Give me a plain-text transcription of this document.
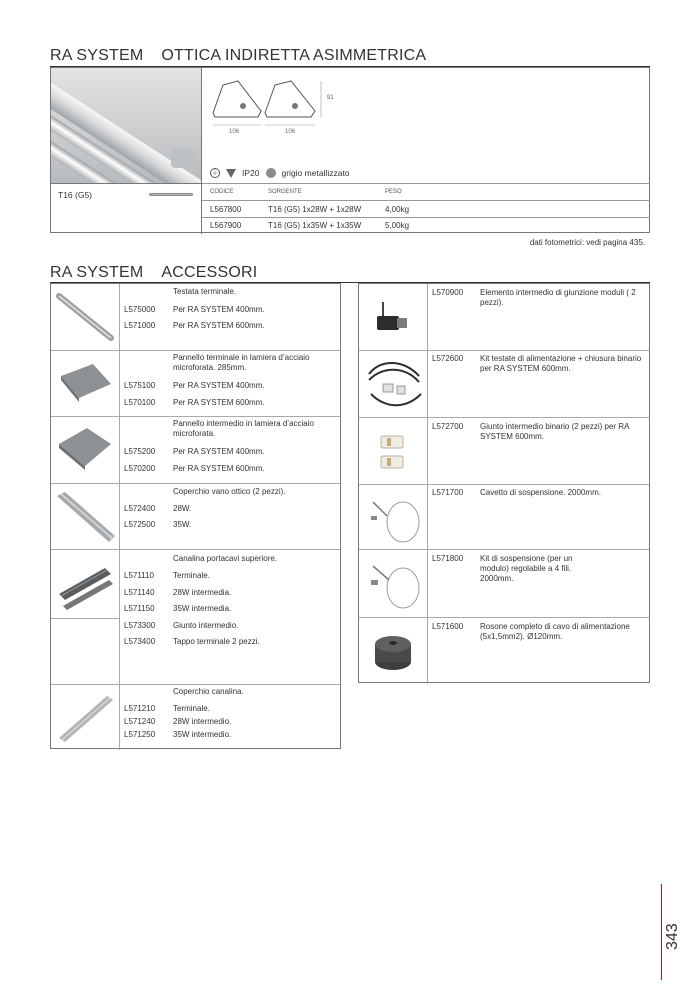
RA SYSTEM OTTICA INDIRETTA ASIMMETRICA
T16 (G5)
106	106
91
⏚	IP20	grigio metallizzato
CODICE	SORGENTE	PESO
L567800	T16 (G5) 1x28W + 1x28W	4,00kg
L567900	T16 (G5) 1x35W + 1x35W	5,00kg
dati fotometrici: vedi pagina 435.
RA SYSTEM ACCESSORI
Testata terminale.
L575000 Per RA SYSTEM 400mm.
L571000 Per RA SYSTEM 600mm.
Pannello terminale in lamiera d’acciaio microforata. 285mm.
L575100 Per RA SYSTEM 400mm.
L570100 Per RA SYSTEM 600mm.
Pannello intermedio in lamiera d’acciaio microforata.
L575200 Per RA SYSTEM 400mm.
L570200 Per RA SYSTEM 600mm.
Coperchio vano ottico (2 pezzi).
L572400 28W.
L572500 35W.
Canalina portacavi superiore.
L571110 Terminale.
L571140 28W intermedia.
L571150 35W intermedia.
L573300 Giunto intermedio.
L573400 Tappo terminale 2 pezzi.
Coperchio canalina.
L571210 Terminale.
L571240 28W intermedio.
L571250 35W intermedio.
L570900 Elemento intermedio di giunzione moduli ( 2 pezzi).
L572600 Kit testate di alimentazione + chiusura binario per RA SYSTEM 600mm.
L572700 Giunto intermedio binario (2 pezzi) per RA SYSTEM 600mm.
L571700 Cavetto di sospensione. 2000mm.
L571800 Kit di sospensione (per un modulo) regolabile a 4 fili. 2000mm.
L571600 Rosone completo di cavo di alimentazione (5x1,5mm2). Ø120mm.
343
